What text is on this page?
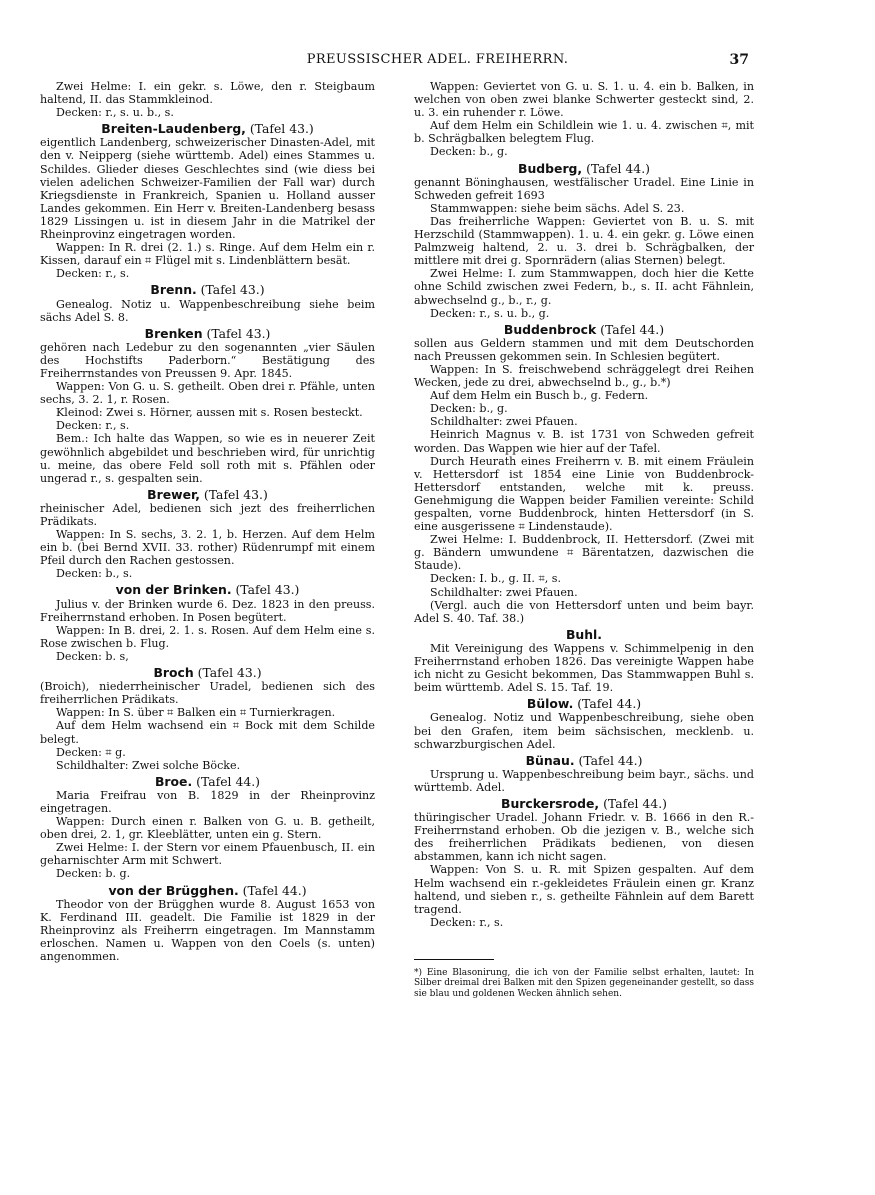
PREUSSISCHER ADEL. FREIHERRN.	37
Zwei Helme: I. ein gekr. s. Löwe, den r. Steigbaum haltend, II. das Stammkleinod.
Decken: r., s. u. b., s.
Breiten-Laudenberg, (Tafel 43.)
eigentlich Landenberg, schweizerischer Dinasten-Adel, mit den v. Neipperg (siehe württemb. Adel) eines Stammes u. Schildes. Glieder dieses Geschlechtes sind (wie diess bei vielen adelichen Schweizer-Familien der Fall war) durch Kriegsdienste in Frankreich, Spanien u. Holland ausser Landes gekommen. Ein Herr v. Breiten-Landenberg besass 1829 Lissingen u. ist in diesem Jahr in die Matrikel der Rheinprovinz eingetragen worden.
Wappen: In R. drei (2. 1.) s. Ringe. Auf dem Helm ein r. Kissen, darauf ein ⌗ Flügel mit s. Lindenblättern besät.
Decken: r., s.
Brenn. (Tafel 43.)
Genealog. Notiz u. Wappenbeschreibung siehe beim sächs Adel S. 8.
Brenken (Tafel 43.)
gehören nach Ledebur zu den sogenannten „vier Säulen des Hochstifts Paderborn.“ Bestätigung des Freiherrnstandes von Preussen 9. Apr. 1845.
Wappen: Von G. u. S. getheilt. Oben drei r. Pfähle, unten sechs, 3. 2. 1, r. Rosen.
Kleinod: Zwei s. Hörner, aussen mit s. Rosen besteckt.
Decken: r., s.
Bem.: Ich halte das Wappen, so wie es in neuerer Zeit gewöhnlich abgebildet und beschrieben wird, für unrichtig u. meine, das obere Feld soll roth mit s. Pfählen oder ungerad r., s. gespalten sein.
Brewer, (Tafel 43.)
rheinischer Adel, bedienen sich jezt des freiherrlichen Prädikats.
Wappen: In S. sechs, 3. 2. 1, b. Herzen. Auf dem Helm ein b. (bei Bernd XVII. 33. rother) Rüdenrumpf mit einem Pfeil durch den Rachen gestossen.
Decken: b., s.
von der Brinken. (Tafel 43.)
Julius v. der Brinken wurde 6. Dez. 1823 in den preuss. Freiherrnstand erhoben. In Posen begütert.
Wappen: In B. drei, 2. 1. s. Rosen. Auf dem Helm eine s. Rose zwischen b. Flug.
Decken: b. s,
Broch (Tafel 43.)
(Broich), niederrheinischer Uradel, bedienen sich des freiherrlichen Prädikats.
Wappen: In S. über ⌗ Balken ein ⌗ Turnierkragen.
Auf dem Helm wachsend ein ⌗ Bock mit dem Schilde belegt.
Decken: ⌗ g.
Schildhalter: Zwei solche Böcke.
Broe. (Tafel 44.)
Maria Freifrau von B. 1829 in der Rheinprovinz eingetragen.
Wappen: Durch einen r. Balken von G. u. B. getheilt, oben drei, 2. 1, gr. Kleeblätter, unten ein g. Stern.
Zwei Helme: I. der Stern vor einem Pfauenbusch, II. ein geharnischter Arm mit Schwert.
Decken: b. g.
von der Brügghen. (Tafel 44.)
Theodor von der Brügghen wurde 8. August 1653 von K. Ferdinand III. geadelt. Die Familie ist 1829 in der Rheinprovinz als Freiherrn eingetragen. Im Mannstamm erloschen. Namen u. Wappen von den Coels (s. unten) angenommen.
Wappen: Geviertet von G. u. S. 1. u. 4. ein b. Balken, in welchen von oben zwei blanke Schwerter gesteckt sind, 2. u. 3. ein ruhender r. Löwe.
Auf dem Helm ein Schildlein wie 1. u. 4. zwischen ⌗, mit b. Schrägbalken belegtem Flug.
Decken: b., g.
Budberg, (Tafel 44.)
genannt Böninghausen, westfälischer Uradel. Eine Linie in Schweden gefreit 1693
Stammwappen: siehe beim sächs. Adel S. 23.
Das freiherrliche Wappen: Geviertet von B. u. S. mit Herzschild (Stammwappen). 1. u. 4. ein gekr. g. Löwe einen Palmzweig haltend, 2. u. 3. drei b. Schrägbalken, der mittlere mit drei g. Spornrädern (alias Sternen) belegt.
Zwei Helme: I. zum Stammwappen, doch hier die Kette ohne Schild zwischen zwei Federn, b., s. II. acht Fähnlein, abwechselnd g., b., r., g.
Decken: r., s. u. b., g.
Buddenbrock (Tafel 44.)
sollen aus Geldern stammen und mit dem Deutschorden nach Preussen gekommen sein. In Schlesien begütert.
Wappen: In S. freischwebend schräggelegt drei Reihen Wecken, jede zu drei, abwechselnd b., g., b.*)
Auf dem Helm ein Busch b., g. Federn.
Decken: b., g.
Schildhalter: zwei Pfauen.
Heinrich Magnus v. B. ist 1731 von Schweden gefreit worden. Das Wappen wie hier auf der Tafel.
Durch Heurath eines Freiherrn v. B. mit einem Fräulein v. Hettersdorf ist 1854 eine Linie von Buddenbrock-Hettersdorf entstanden, welche mit k. preuss. Genehmigung die Wappen beider Familien vereinte: Schild gespalten, vorne Buddenbrock, hinten Hettersdorf (in S. eine ausgerissene ⌗ Lindenstaude).
Zwei Helme: I. Buddenbrock, II. Hettersdorf. (Zwei mit g. Bändern umwundene ⌗ Bärentatzen, dazwischen die Staude).
Decken: I. b., g. II. ⌗, s.
Schildhalter: zwei Pfauen.
(Vergl. auch die von Hettersdorf unten und beim bayr. Adel S. 40. Taf. 38.)
Buhl.
Mit Vereinigung des Wappens v. Schimmelpenig in den Freiherrnstand erhoben 1826. Das vereinigte Wappen habe ich nicht zu Gesicht bekommen, Das Stammwappen Buhl s. beim württemb. Adel S. 15. Taf. 19.
Bülow. (Tafel 44.)
Genealog. Notiz und Wappenbeschreibung, siehe oben bei den Grafen, item beim sächsischen, mecklenb. u. schwarzburgischen Adel.
Bünau. (Tafel 44.)
Ursprung u. Wappenbeschreibung beim bayr., sächs. und württemb. Adel.
Burckersrode, (Tafel 44.)
thüringischer Uradel. Johann Friedr. v. B. 1666 in den R.-Freiherrnstand erhoben. Ob die jezigen v. B., welche sich des freiherrlichen Prädikats bedienen, von diesen abstammen, kann ich nicht sagen.
Wappen: Von S. u. R. mit Spizen gespalten. Auf dem Helm wachsend ein r.-gekleidetes Fräulein einen gr. Kranz haltend, und sieben r., s. getheilte Fähnlein auf dem Barett tragend.
Decken: r., s.
*) Eine Blasonirung, die ich von der Familie selbst erhalten, lautet: In Silber dreimal drei Balken mit den Spizen gegeneinander gestellt, so dass sie blau und goldenen Wecken ähnlich sehen.
